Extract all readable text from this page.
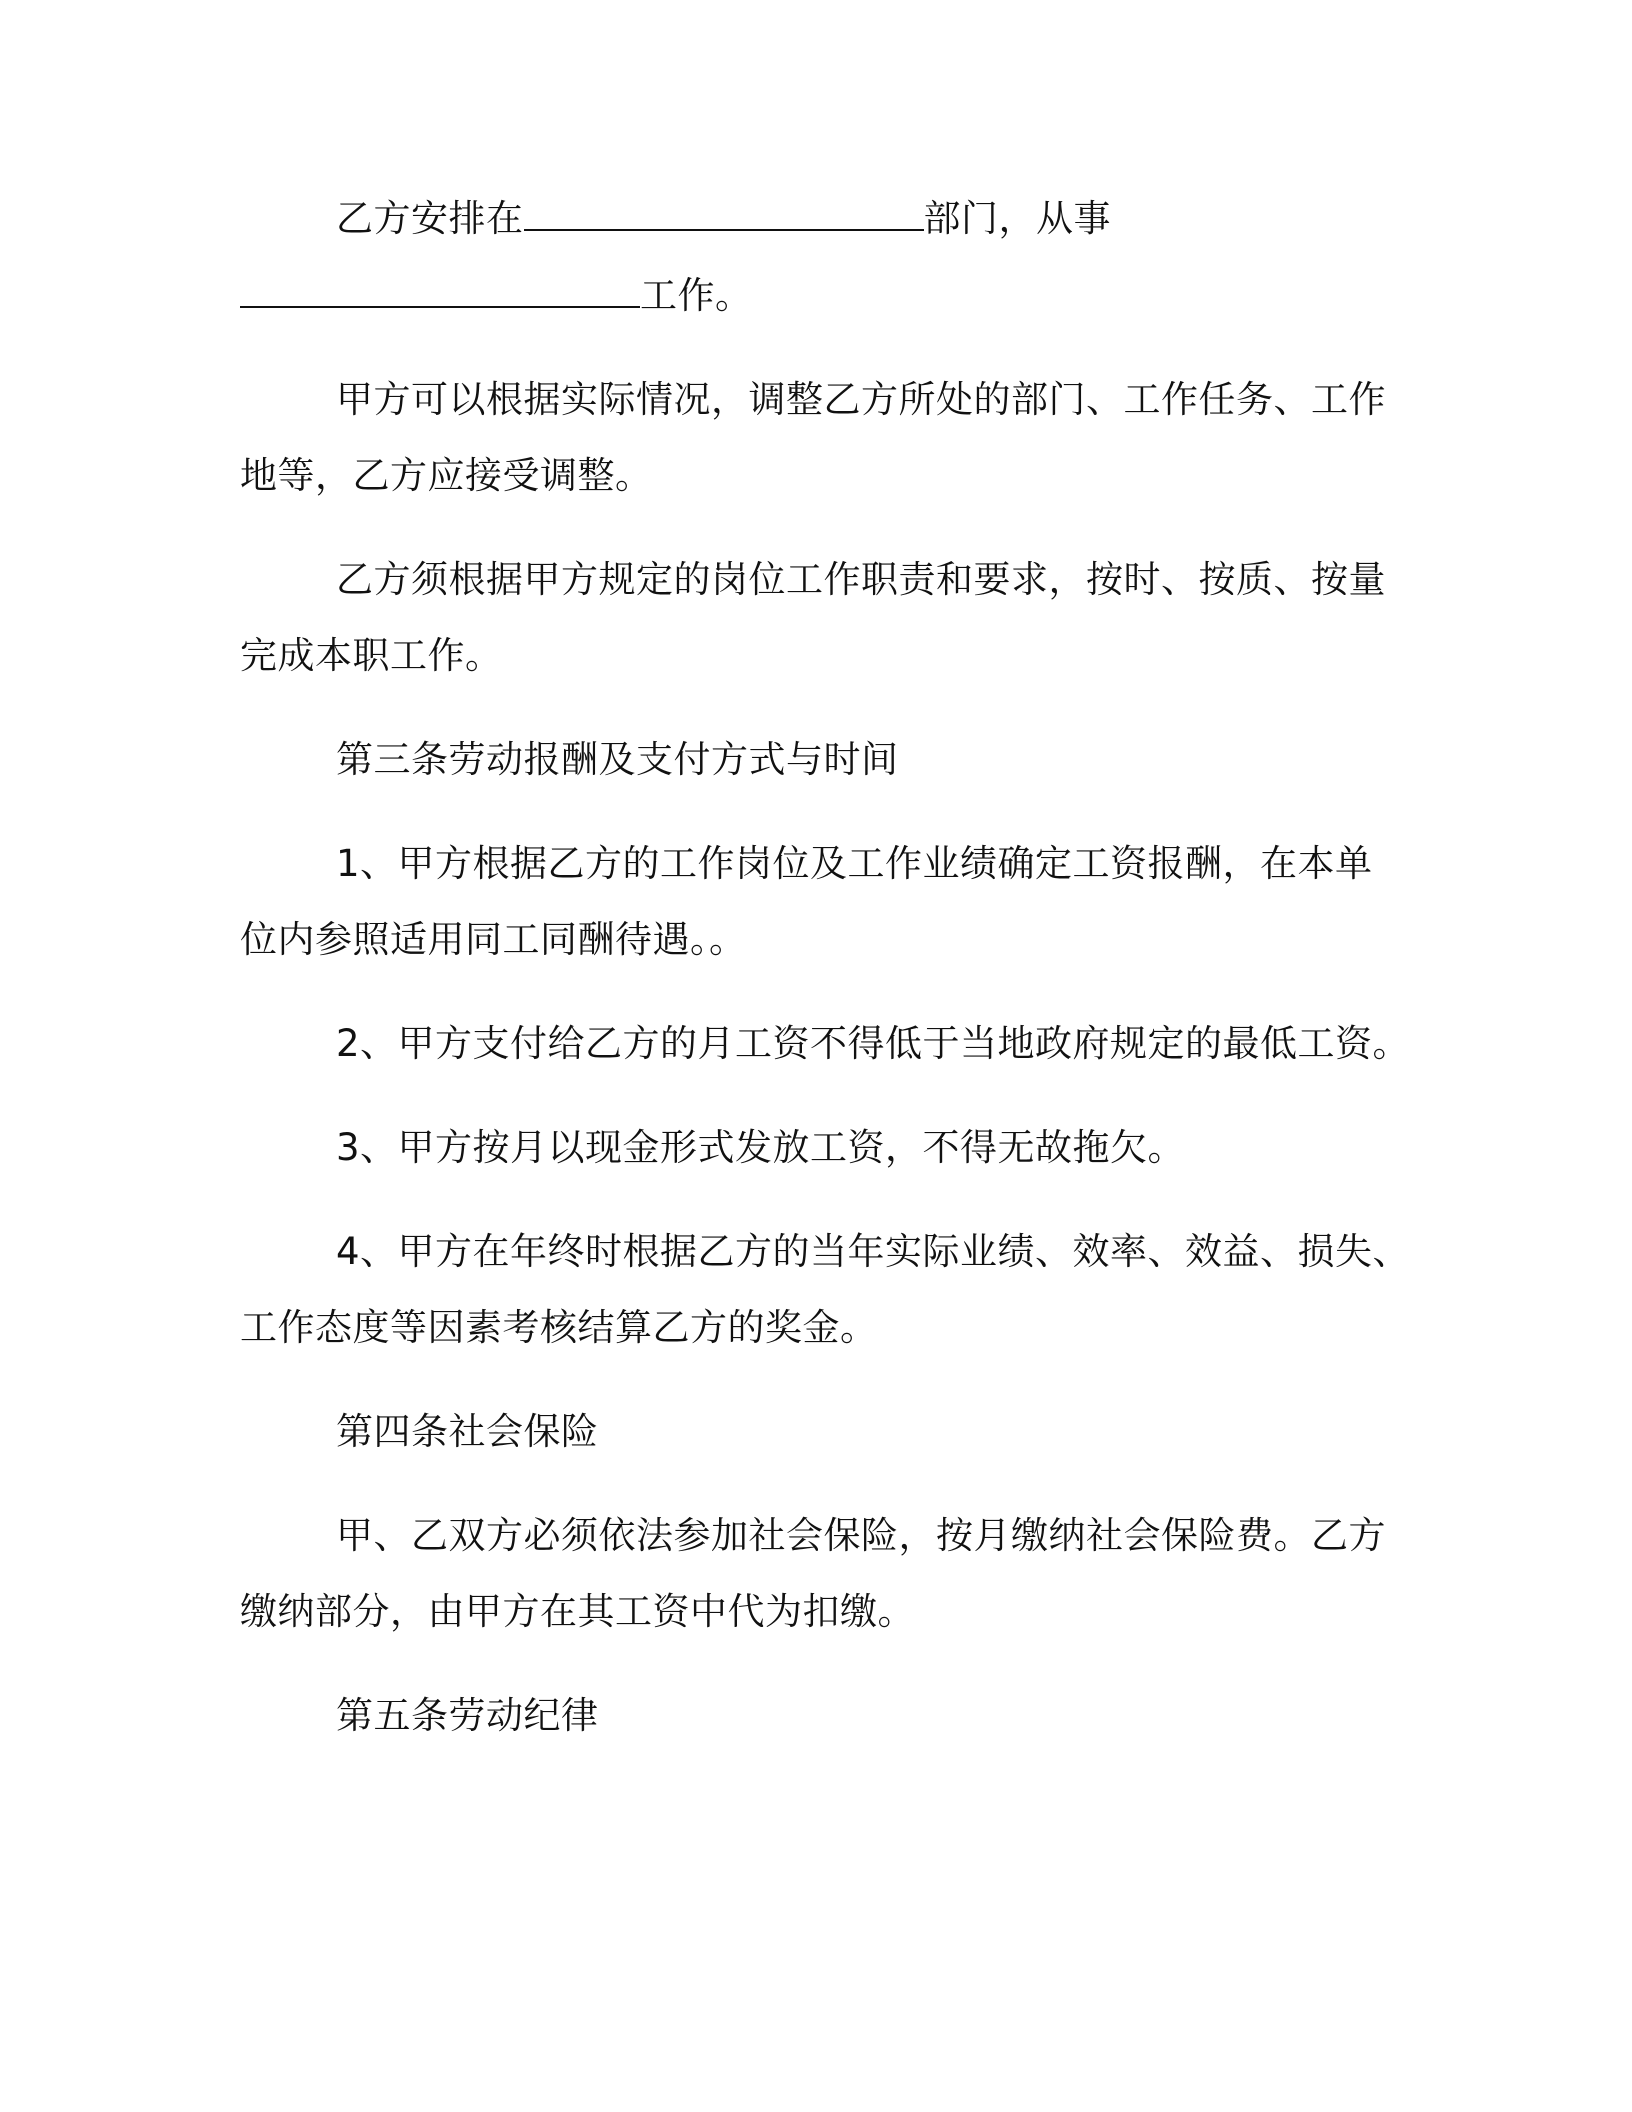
乙方安排在	部门，从事
工作。
甲方可以根据实际情况，调整乙方所处的部门、工作任务、工作
地等，乙方应接受调整。
乙方须根据甲方规定的岗位工作职责和要求，按时、按质、按量
完成本职工作。
第三条劳动报酬及支付方式与时间
1、甲方根据乙方的工作岗位及工作业绩确定工资报酬，在本单
位内参照适用同工同酬待遇。。
2、甲方支付给乙方的月工资不得低于当地政府规定的最低工资。
3、甲方按月以现金形式发放工资，不得无故拖欠。
4、甲方在年终时根据乙方的当年实际业绩、效率、效益、损失、
工作态度等因素考核结算乙方的奖金。
第四条社会保险
甲、乙双方必须依法参加社会保险，按月缴纳社会保险费。乙方
缴纳部分，由甲方在其工资中代为扣缴。
第五条劳动纪律
